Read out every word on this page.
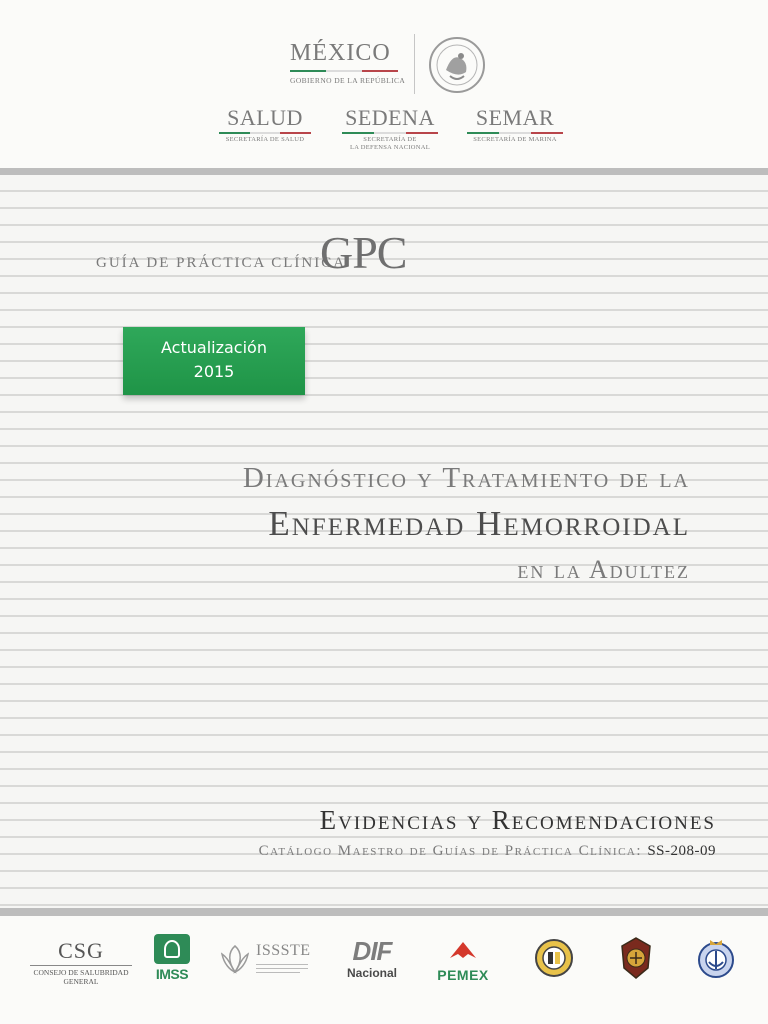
MÉXICO
GOBIERNO DE LA REPÚBLICA
SALUD
SECRETARÍA DE SALUD
SEDENA
SECRETARÍA DE
LA DEFENSA NACIONAL
SEMAR
SECRETARÍA DE MARINA
GUÍA DE PRÁCTICA CLÍNICA
GPC
Actualización
2015
Diagnóstico y Tratamiento de la
Enfermedad Hemorroidal
en la Adultez
Evidencias y Recomendaciones
Catálogo Maestro de Guías de Práctica Clínica: SS-208-09
CSG
CONSEJO DE SALUBRIDAD
GENERAL	IMSS
ISSSTE	DIF
Nacional	PEMEX
